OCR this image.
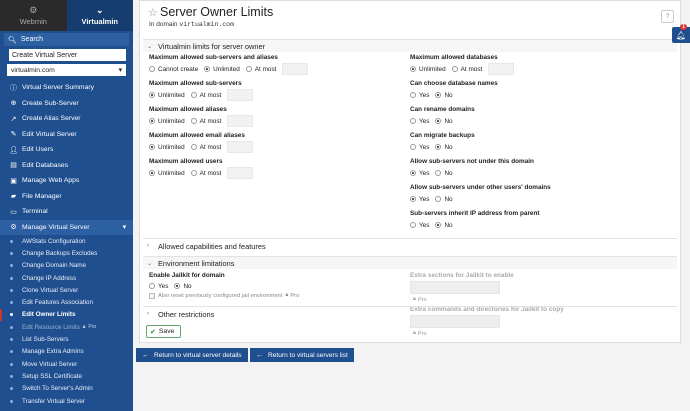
⚙
Webmin
⌄
Virtualmin
🔍︎ Search
Create Virtual Server
virtualmin.com	▾
ⓘ Virtual Server Summary
⊕ Create Sub-Server
↗ Create Alias Server
✎ Edit Virtual Server
👤︎ Edit Users
▤ Edit Databases
▣ Manage Web Apps
▰ File Manager
▭ Terminal
⚙ Manage Virtual Server	▾
AWStats Configuration
Change Backups Excludes
Change Domain Name
Change IP Address
Clone Virtual Server
Edit Features Association
Edit Owner Limits
Edit Resource Limits 🔒︎ Pro
List Sub-Servers
Manage Extra Admins
Move Virtual Server
Setup SSL Certificate
Switch To Server's Admin
Transfer Virtual Server
☆ Server Owner Limits
In domain virtualmin.com
?
⌄ Virtualmin limits for server owner
Maximum allowed sub-servers and aliases
Cannot create Unlimited At most
Maximum allowed sub-servers
Unlimited At most
Maximum allowed aliases
Unlimited At most
Maximum allowed email aliases
Unlimited At most
Maximum allowed users
Unlimited At most
Maximum allowed databases
Unlimited At most
Can choose database names
Yes No
Can rename domains
Yes No
Can migrate backups
Yes No
Allow sub-servers not under this domain
Yes No
Allow sub-servers under other users' domains
Yes No
Sub-servers inherit IP address from parent
Yes No
›	Allowed capabilities and features
⌄ Environment limitations
Enable Jailkit for domain
Yes No
Also reset previously configured jail environment 🔒︎ Pro
Extra sections for Jailkit to enable
🔒︎ Pro
Extra commands and directories for Jailkit to copy
🔒︎ Pro
›	Other restrictions
✔ Save
← Return to virtual server details ← Return to virtual servers list
🔔︎
1
